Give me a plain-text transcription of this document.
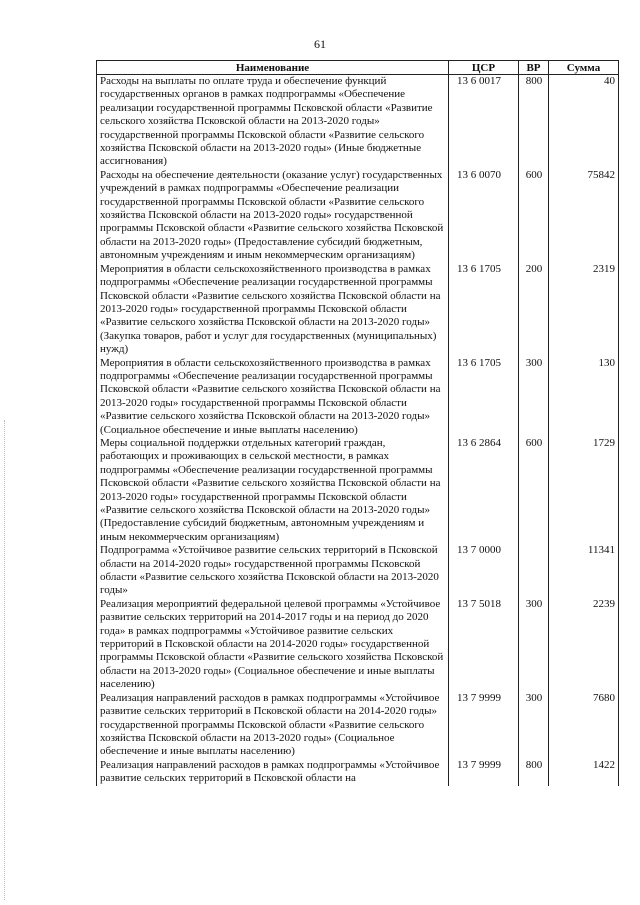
61
Наименование	ЦСР	ВР	Сумма
Расходы на выплаты по оплате труда и обеспечение функций государственных органов в рамках подпрограммы «Обеспечение реализации государственной программы Псковской области «Развитие сельского хозяйства Псковской области на 2013-2020 годы» государственной программы Псковской области «Развитие сельского хозяйства Псковской области на 2013-2020 годы» (Иные бюджетные ассигнования)	13 6 0017	800	40
Расходы на обеспечение деятельности (оказание услуг) государственных учреждений в рамках подпрограммы «Обеспечение реализации государственной программы Псковской области «Развитие сельского хозяйства Псковской области на 2013-2020 годы» государственной программы Псковской области «Развитие сельского хозяйства Псковской области на 2013-2020 годы» (Предоставление субсидий бюджетным, автономным учреждениям и иным некоммерческим организациям)	13 6 0070	600	75842
Мероприятия в области сельскохозяйственного производства в рамках подпрограммы «Обеспечение реализации государственной программы Псковской области «Развитие сельского хозяйства Псковской области на 2013-2020 годы» государственной программы Псковской области «Развитие сельского хозяйства Псковской области на 2013-2020 годы» (Закупка товаров, работ и услуг для государственных (муниципальных) нужд)	13 6 1705	200	2319
Мероприятия в области сельскохозяйственного производства в рамках подпрограммы «Обеспечение реализации государственной программы Псковской области «Развитие сельского хозяйства Псковской области на 2013-2020 годы» государственной программы Псковской области «Развитие сельского хозяйства Псковской области на 2013-2020 годы» (Социальное обеспечение и иные выплаты населению)	13 6 1705	300	130
Меры социальной поддержки отдельных категорий граждан, работающих и проживающих в сельской местности, в рамках подпрограммы «Обеспечение реализации государственной программы Псковской области «Развитие сельского хозяйства Псковской области на 2013-2020 годы» государственной программы Псковской области «Развитие сельского хозяйства Псковской области на 2013-2020 годы» (Предоставление субсидий бюджетным, автономным учреждениям и иным некоммерческим организациям)	13 6 2864	600	1729
Подпрограмма «Устойчивое развитие сельских территорий в Псковской области на 2014-2020 годы» государственной программы Псковской области «Развитие сельского хозяйства Псковской области на 2013-2020 годы»	13 7 0000		11341
Реализация мероприятий федеральной целевой программы «Устойчивое развитие сельских территорий на 2014-2017 годы и на период до 2020 года» в рамках подпрограммы «Устойчивое развитие сельских территорий в Псковской области на 2014-2020 годы» государственной программы Псковской области «Развитие сельского хозяйства Псковской области на 2013-2020 годы» (Социальное обеспечение и иные выплаты населению)	13 7 5018	300	2239
Реализация направлений расходов в рамках подпрограммы «Устойчивое развитие сельских территорий в Псковской области на 2014-2020 годы» государственной программы Псковской области «Развитие сельского хозяйства Псковской области на 2013-2020 годы» (Социальное обеспечение и иные выплаты населению)	13 7 9999	300	7680
Реализация направлений расходов в рамках подпрограммы «Устойчивое развитие сельских территорий в Псковской области на	13 7 9999	800	1422
